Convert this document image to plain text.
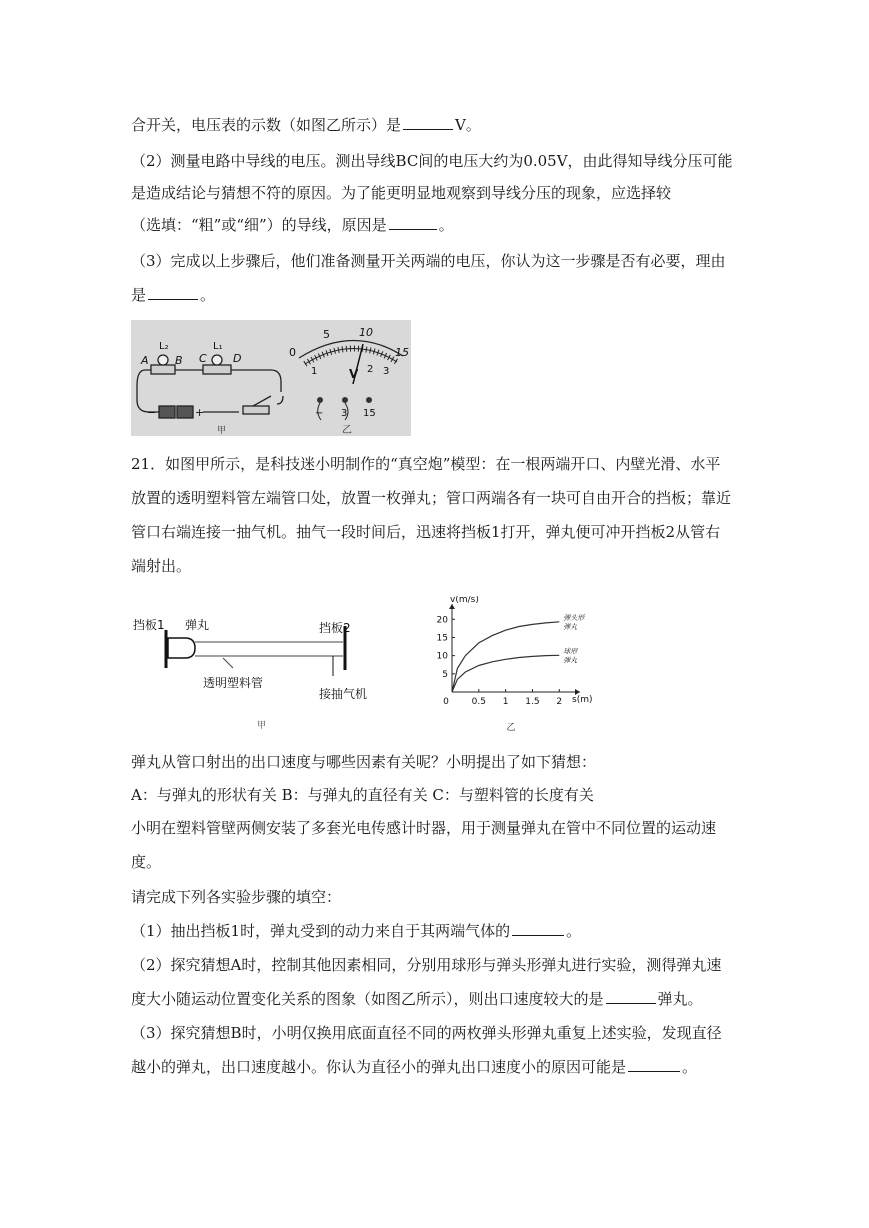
合开关，电压表的示数（如图乙所示）是	V。
（2）测量电路中导线的电压。测出导线BC间的电压大约为0.05V，由此得知导线分压可能
是造成结论与猜想不符的原因。为了能更明显地观察到导线分压的现象，应选择较
（选填：“粗”或“细”）的导线，原因是	。
（3）完成以上步骤后，他们准备测量开关两端的电压，你认为这一步骤是否有必要，理由
是	。
L₂	L₁
A B C D
−	+
甲
0
5
1	2
10
3
15
V
− 3 15
乙
21．如图甲所示，是科技迷小明制作的“真空炮”模型：在一根两端开口、内壁光滑、水平
放置的透明塑料管左端管口处，放置一枚弹丸；管口两端各有一块可自由开合的挡板；靠近
管口右端连接一抽气机。抽气一段时间后，迅速将挡板1打开，弹丸便可冲开挡板2从管右
端射出。
挡板1 弹丸
透明塑料管
挡板2
接抽气机
甲
0	0.5 1 1.5 2
5
10
15
20
v(m/s)
s(m)
弹头形
弹丸
球形
弹丸
乙
弹丸从管口射出的出口速度与哪些因素有关呢？小明提出了如下猜想：
A：与弹丸的形状有关 B：与弹丸的直径有关 C：与塑料管的长度有关
小明在塑料管壁两侧安装了多套光电传感计时器，用于测量弹丸在管中不同位置的运动速
度。
请完成下列各实验步骤的填空：
（1）抽出挡板1时，弹丸受到的动力来自于其两端气体的	。
（2）探究猜想A时，控制其他因素相同，分别用球形与弹头形弹丸进行实验，测得弹丸速
度大小随运动位置变化关系的图象（如图乙所示），则出口速度较大的是	弹丸。
（3）探究猜想B时，小明仅换用底面直径不同的两枚弹头形弹丸重复上述实验，发现直径
越小的弹丸，出口速度越小。你认为直径小的弹丸出口速度小的原因可能是	。
